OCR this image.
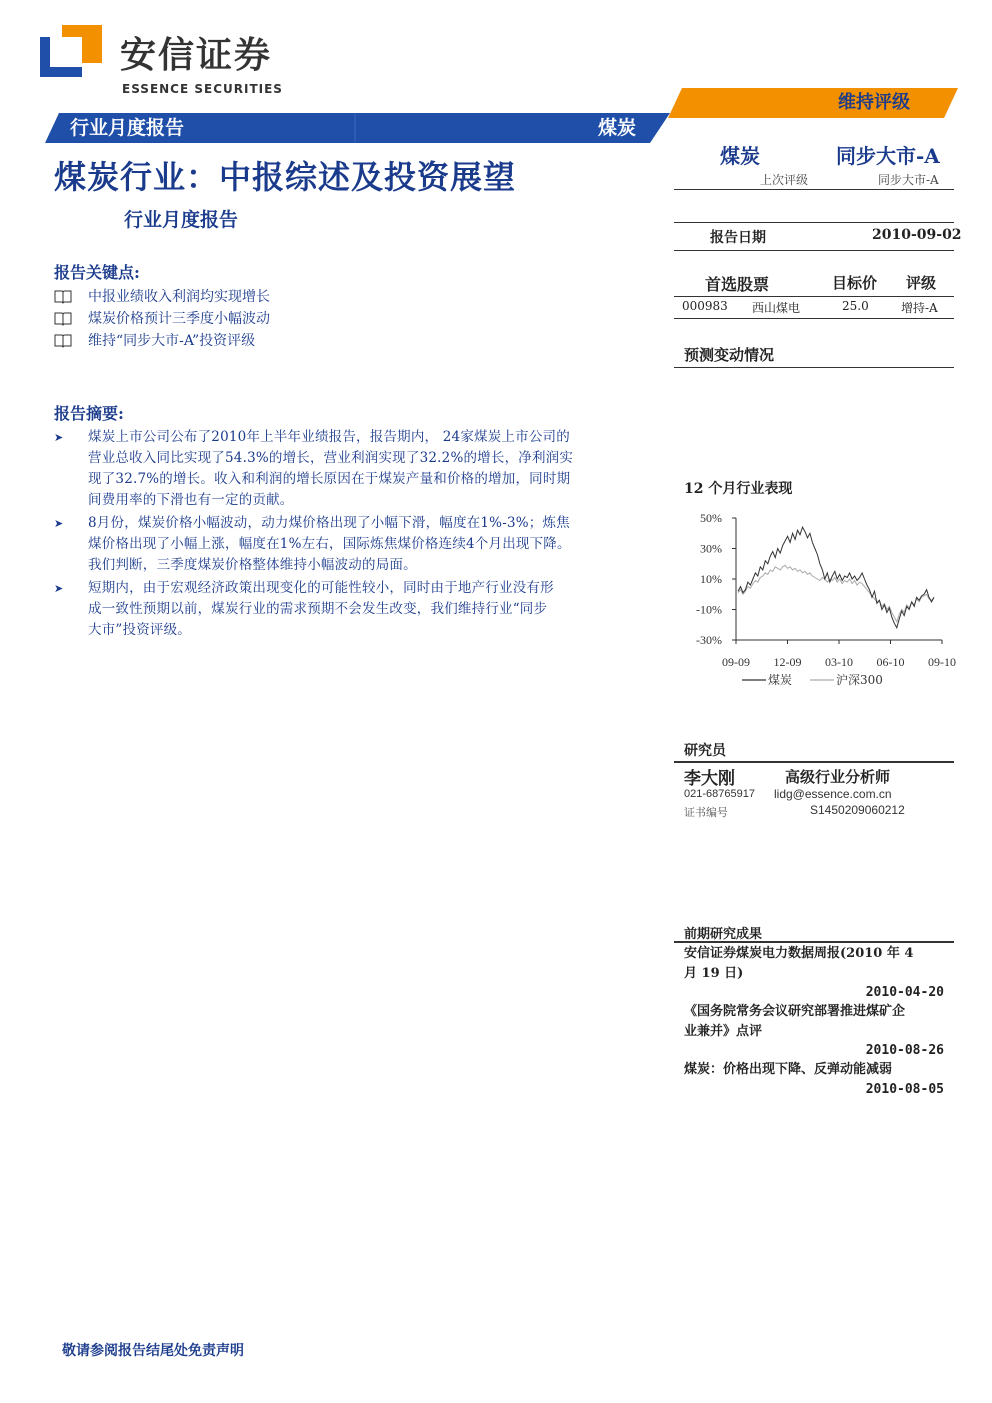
安信证券
ESSENCE SECURITIES
维持评级
行业月度报告	煤炭
煤炭行业：中报综述及投资展望
行业月度报告
报告关键点:
中报业绩收入利润均实现增长
煤炭价格预计三季度小幅波动
维持“同步大市-A”投资评级
报告摘要:
➤ 煤炭上市公司公布了2010年上半年业绩报告，报告期内， 24家煤炭上市公司的
营业总收入同比实现了54.3%的增长，营业利润实现了32.2%的增长，净利润实
现了32.7%的增长。收入和利润的增长原因在于煤炭产量和价格的增加，同时期
间费用率的下滑也有一定的贡献。
➤ 8月份，煤炭价格小幅波动，动力煤价格出现了小幅下滑，幅度在1%-3%；炼焦
煤价格出现了小幅上涨，幅度在1%左右，国际炼焦煤价格连续4个月出现下降。
我们判断，三季度煤炭价格整体维持小幅波动的局面。
➤ 短期内，由于宏观经济政策出现变化的可能性较小，同时由于地产行业没有形
成一致性预期以前，煤炭行业的需求预期不会发生改变，我们维持行业“同步
大市”投资评级。
煤炭	同步大市-A
上次评级	同步大市-A
报告日期	2010-09-02
首选股票	目标价 评级
000983 西山煤电	25.0	增持-A
预测变动情况
12 个月行业表现
50%
30%
10%
-10%
-30%
09-09 12-09 03-10 06-10 09-10
煤炭	沪深300
研究员
李大刚	高级行业分析师
021-68765917 lidg@essence.com.cn
证书编号	S1450209060212
前期研究成果
安信证券煤炭电力数据周报(2010 年 4
月 19 日)
2010-04-20
《国务院常务会议研究部署推进煤矿企
业兼并》点评
2010-08-26
煤炭：价格出现下降、反弹动能减弱
2010-08-05
敬请参阅报告结尾处免责声明
